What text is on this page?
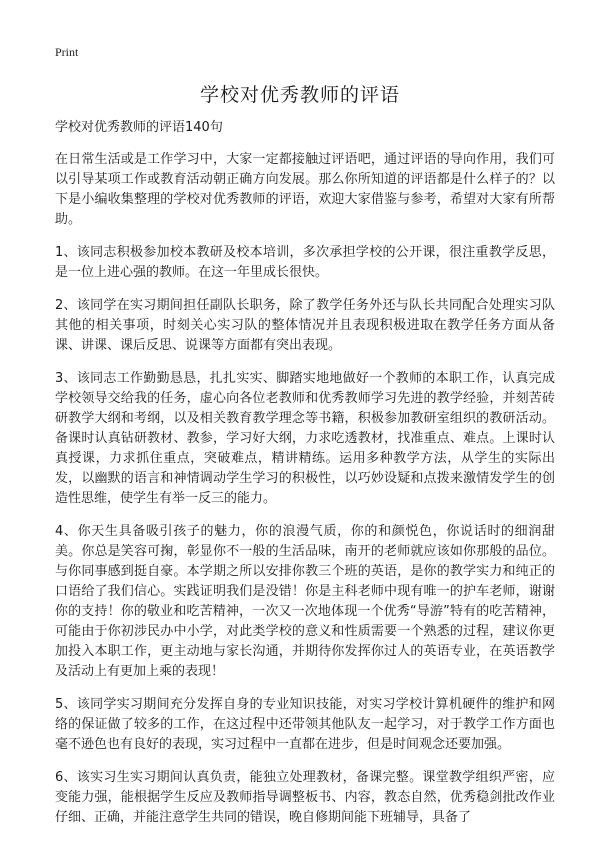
Print
学校对优秀教师的评语

学校对优秀教师的评语140句

在日常生活或是工作学习中，大家一定都接触过评语吧，通过评语的导向作用，我们可以引导某项工作或教育活动朝正确方向发展。那么你所知道的评语都是什么样子的？以下是小编收集整理的学校对优秀教师的评语，欢迎大家借鉴与参考，希望对大家有所帮助。

1、该同志积极参加校本教研及校本培训，多次承担学校的公开课，很注重教学反思，是一位上进心强的教师。在这一年里成长很快。

2、该同学在实习期间担任副队长职务，除了教学任务外还与队长共同配合处理实习队其他的相关事项，时刻关心实习队的整体情况并且表现积极进取在教学任务方面从备课、讲课、课后反思、说课等方面都有突出表现。

3、该同志工作勤勤恳恳，扎扎实实、脚踏实地地做好一个教师的本职工作，认真完成学校领导交给我的任务，虚心向各位老教师和优秀教师学习先进的教学经验，并刻苦砖研教学大纲和考纲，以及相关教育教学理念等书籍，积极参加教研室组织的教研活动。备课时认真钻研教材、教参，学习好大纲，力求吃透教材，找准重点、难点。上课时认真授课，力求抓住重点，突破难点，精讲精练。运用多种教学方法，从学生的实际出发，以幽默的语言和神情调动学生学习的积极性，以巧妙设疑和点拨来激情发学生的创造性思维，使学生有举一反三的能力。

4、你天生具备吸引孩子的魅力，你的浪漫气质，你的和颜悦色，你说话时的细润甜美。你总是笑容可掬，彰显你不一般的生活品味，南开的老师就应该如你那般的品位。与你同事感到挺自豪。本学期之所以安排你教三个班的英语，是你的教学实力和纯正的口语给了我们信心。实践证明我们是没错！你是主科老师中现有唯一的护车老师，谢谢你的支持！你的敬业和吃苦精神，一次又一次地体现一个优秀“导游”特有的吃苦精神，可能由于你初涉民办中小学，对此类学校的意义和性质需要一个熟悉的过程，建议你更加投入本职工作，更主动地与家长沟通，并期待你发挥你过人的英语专业，在英语教学及活动上有更加上乘的表现！

5、该同学实习期间充分发挥自身的专业知识技能，对实习学校计算机硬件的维护和网络的保证做了较多的工作，在这过程中还带领其他队友一起学习，对于教学工作方面也毫不逊色也有良好的表现，实习过程中一直都在进步，但是时间观念还要加强。

6、该实习生实习期间认真负责，能独立处理教材，备课完整。课堂教学组织严密，应变能力强，能根据学生反应及教师指导调整板书、内容，教态自然，优秀稳剑批改作业仔细、正确，并能注意学生共同的错误，晚自修期间能下班辅导，具备了
